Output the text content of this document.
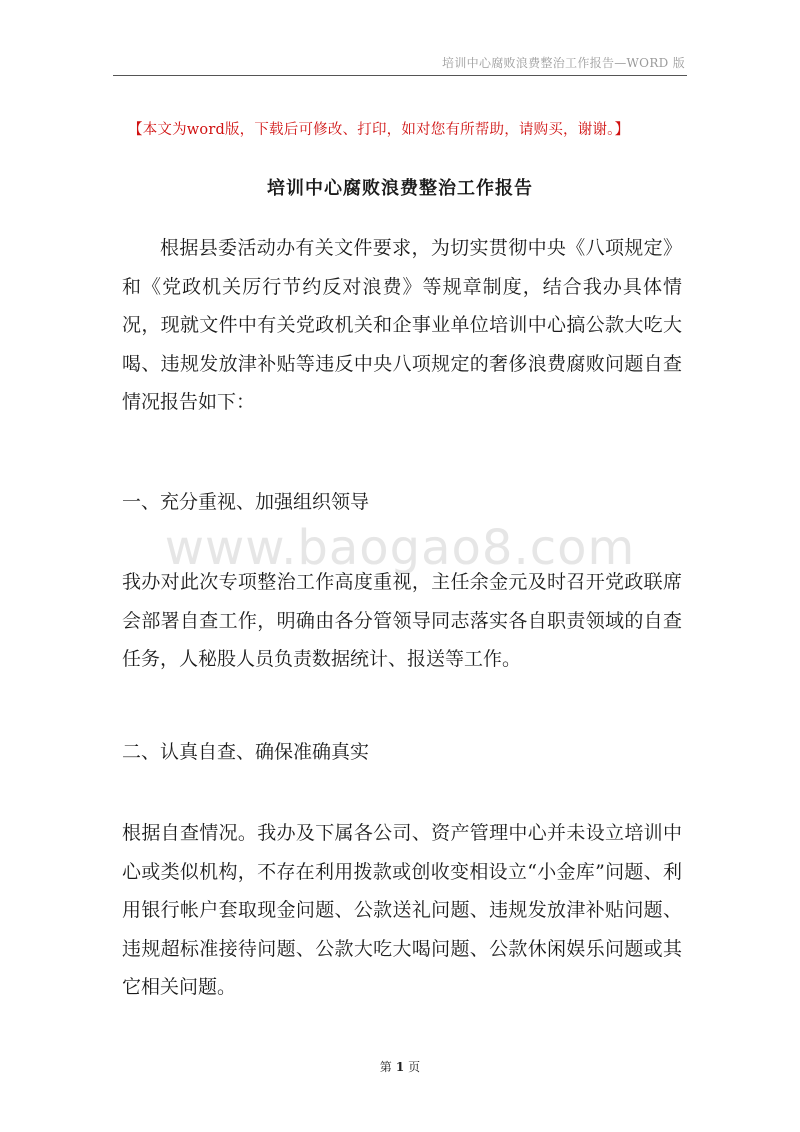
培训中心腐败浪费整治工作报告—WORD 版
【本文为word版，下载后可修改、打印，如对您有所帮助，请购买，谢谢。】
培训中心腐败浪费整治工作报告
www.baogao8.com

根据县委活动办有关文件要求，为切实贯彻中央《八项规定》和《党政机关厉行节约反对浪费》等规章制度，结合我办具体情况，现就文件中有关党政机关和企事业单位培训中心搞公款大吃大喝、违规发放津补贴等违反中央八项规定的奢侈浪费腐败问题自查情况报告如下：

一、充分重视、加强组织领导

我办对此次专项整治工作高度重视，主任余金元及时召开党政联席会部署自查工作，明确由各分管领导同志落实各自职责领域的自查任务，人秘股人员负责数据统计、报送等工作。

二、认真自查、确保准确真实

根据自查情况。我办及下属各公司、资产管理中心并未设立培训中心或类似机构，不存在利用拨款或创收变相设立“小金库”问题、利用银行帐户套取现金问题、公款送礼问题、违规发放津补贴问题、违规超标准接待问题、公款大吃大喝问题、公款休闲娱乐问题或其它相关问题。

第 1 页
